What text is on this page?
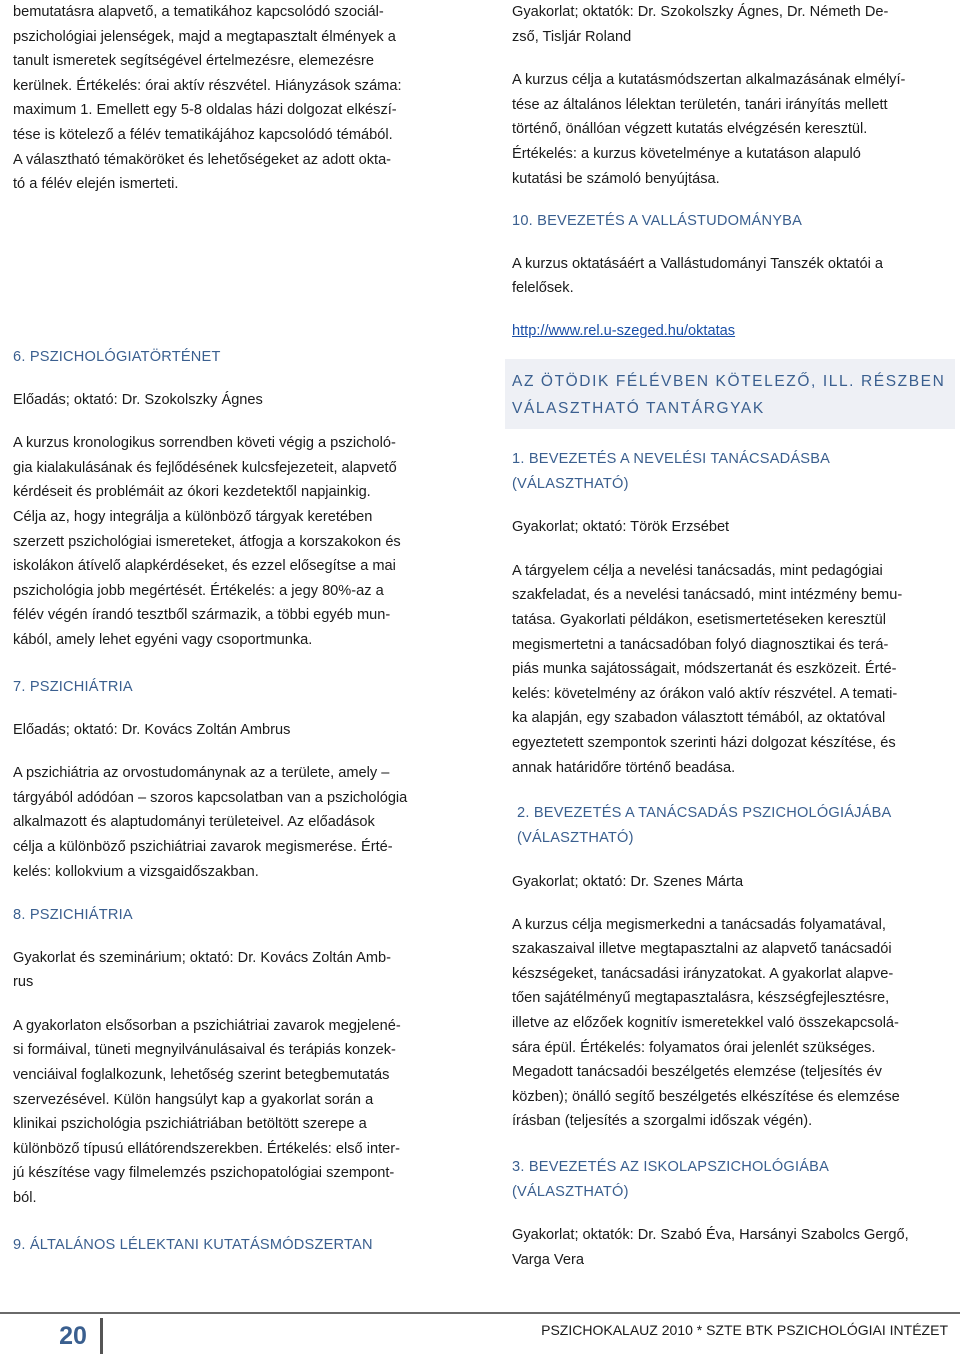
bemutatásra alapvető, a tematikához kapcsolódó szociál-
pszichológiai jelenségek, majd a megtapasztalt élmények a
tanult ismeretek segítségével értelmezésre, elemezésre
kerülnek. Értékelés: órai aktív részvétel. Hiányzások száma:
maximum 1. Emellett egy 5-8 oldalas házi dolgozat elkészí-
tése is kötelező a félév tematikájához kapcsolódó témából.
A választható témaköröket és lehetőségeket az adott okta-
tó a félév elején ismerteti.

6. PSZICHOLÓGIATÖRTÉNET

Előadás; oktató: Dr. Szokolszky Ágnes

A kurzus kronologikus sorrendben követi végig a pszicholó-
gia kialakulásának és fejlődésének kulcsfejezeteit, alapvető
kérdéseit és problémáit az ókori kezdetektől napjainkig.
Célja az, hogy integrálja a különböző tárgyak keretében
szerzett pszichológiai ismereteket, átfogja a korszakokon és
iskolákon átívelő alapkérdéseket, és ezzel elősegítse a mai
pszichológia jobb megértését. Értékelés: a jegy 80%-az a
félév végén írandó tesztből származik, a többi egyéb mun-
kából, amely lehet egyéni vagy csoportmunka.

7. PSZICHIÁTRIA

Előadás; oktató: Dr. Kovács Zoltán Ambrus

A pszichiátria az orvostudománynak az a területe, amely –
tárgyából adódóan – szoros kapcsolatban van a pszichológia
alkalmazott és alaptudományi területeivel. Az előadások
célja a különböző pszichiátriai zavarok megismerése. Érté-
kelés: kollokvium a vizsgaidőszakban.

8. PSZICHIÁTRIA

Gyakorlat és szeminárium; oktató: Dr. Kovács Zoltán Amb-
rus

A gyakorlaton elsősorban a pszichiátriai zavarok megjelené-
si formáival, tüneti megnyilvánulásaival és terápiás konzek-
venciáival foglalkozunk, lehetőség szerint betegbemutatás
szervezésével. Külön hangsúlyt kap a gyakorlat során a
klinikai pszichológia pszichiátriában betöltött szerepe a
különböző típusú ellátórendszerekben. Értékelés: első inter-
jú készítése vagy filmelemzés pszichopatológiai szempont-
ból.

9. ÁLTALÁNOS LÉLEKTANI KUTATÁSMÓDSZERTAN

Gyakorlat; oktatók: Dr. Szokolszky Ágnes, Dr. Németh De-
zső, Tisljár Roland

A kurzus célja a kutatásmódszertan alkalmazásának elmélyí-
tése az általános lélektan területén, tanári irányítás mellett
történő, önállóan végzett kutatás elvégzésén keresztül.
Értékelés: a kurzus követelménye a kutatáson alapuló
kutatási be számoló benyújtása.

10. BEVEZETÉS A VALLÁSTUDOMÁNYBA

A kurzus oktatásáért a Vallástudományi Tanszék oktatói a
felelősek.

http://www.rel.u-szeged.hu/oktatas

AZ ÖTÖDIK FÉLÉVBEN KÖTELEZŐ, ILL. RÉSZBEN
VÁLASZTHATÓ TANTÁRGYAK
1. BEVEZETÉS A NEVELÉSI TANÁCSADÁSBA
(VÁLASZTHATÓ)

Gyakorlat; oktató: Török Erzsébet

A tárgyelem célja a nevelési tanácsadás, mint pedagógiai
szakfeladat, és a nevelési tanácsadó, mint intézmény bemu-
tatása. Gyakorlati példákon, esetismertetéseken keresztül
megismertetni a tanácsadóban folyó diagnosztikai és terá-
piás munka sajátosságait, módszertanát és eszközeit. Érté-
kelés: követelmény az órákon való aktív részvétel. A temati-
ka alapján, egy szabadon választott témából, az oktatóval
egyeztetett szempontok szerinti házi dolgozat készítése, és
annak határidőre történő beadása.

2. BEVEZETÉS A TANÁCSADÁS PSZICHOLÓGIÁJÁBA
(VÁLASZTHATÓ)

Gyakorlat; oktató: Dr. Szenes Márta

A kurzus célja megismerkedni a tanácsadás folyamatával,
szakaszaival illetve megtapasztalni az alapvető tanácsadói
készségeket, tanácsadási irányzatokat. A gyakorlat alapve-
tően sajátélményű megtapasztalásra, készségfejlesztésre,
illetve az előzőek kognitív ismeretekkel való összekapcsolá-
sára épül. Értékelés: folyamatos órai jelenlét szükséges.
Megadott tanácsadói beszélgetés elemzése (teljesítés év
közben); önálló segítő beszélgetés elkészítése és elemzése
írásban (teljesítés a szorgalmi időszak végén).

3. BEVEZETÉS AZ ISKOLAPSZICHOLÓGIÁBA
(VÁLASZTHATÓ)

Gyakorlat; oktatók: Dr. Szabó Éva, Harsányi Szabolcs Gergő,
Varga Vera

20	PSZICHOKALAUZ 2010 * SZTE BTK PSZICHOLÓGIAI INTÉZET
